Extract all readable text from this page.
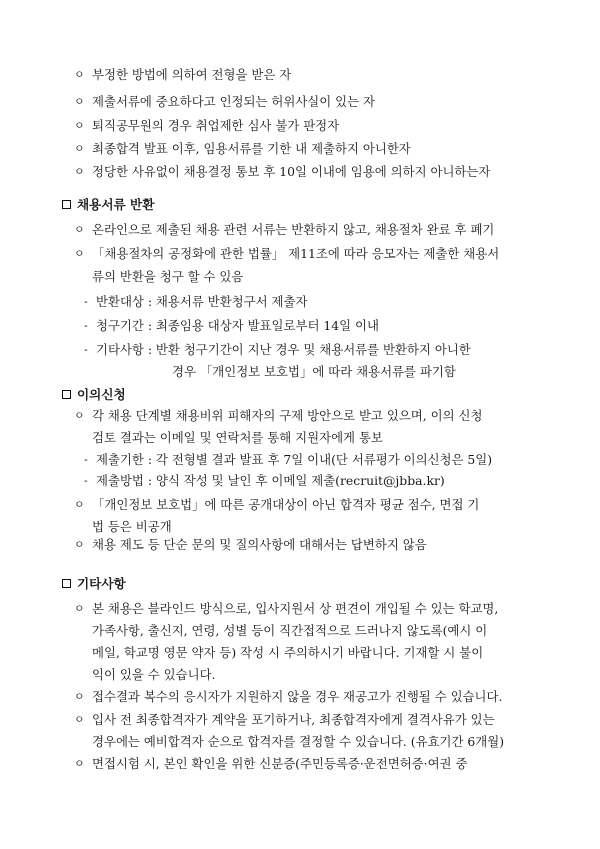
ㅇ 부정한 방법에 의하여 전형을 받은 자
ㅇ 제출서류에 중요하다고 인정되는 허위사실이 있는 자
ㅇ 퇴직공무원의 경우 취업제한 심사 불가 판정자
ㅇ 최종합격 발표 이후, 임용서류를 기한 내 제출하지 아니한자
ㅇ 정당한 사유없이 채용결정 통보 후 10일 이내에 임용에 의하지 아니하는자
채용서류 반환
ㅇ 온라인으로 제출된 채용 관련 서류는 반환하지 않고, 채용절차 완료 후 폐기
ㅇ 「채용절차의 공정화에 관한 법률」 제11조에 따라 응모자는 제출한 채용서
류의 반환을 청구 할 수 있음
- 반환대상 : 채용서류 반환청구서 제출자
- 청구기간 : 최종임용 대상자 발표일로부터 14일 이내
- 기타사항 : 반환 청구기간이 지난 경우 및 채용서류를 반환하지 아니한
경우 「개인정보 보호법」에 따라 채용서류를 파기함
이의신청
ㅇ 각 채용 단계별 채용비위 피해자의 구제 방안으로 받고 있으며, 이의 신청
검토 결과는 이메일 및 연락처를 통해 지원자에게 통보
- 제출기한 : 각 전형별 결과 발표 후 7일 이내(단 서류평가 이의신청은 5일)
- 제출방법 : 양식 작성 및 날인 후 이메일 제출(recruit@jbba.kr)
ㅇ 「개인정보 보호법」에 따른 공개대상이 아닌 합격자 평균 점수, 면접 기
법 등은 비공개
ㅇ 채용 제도 등 단순 문의 및 질의사항에 대해서는 답변하지 않음
기타사항
ㅇ 본 채용은 블라인드 방식으로, 입사지원서 상 편견이 개입될 수 있는 학교명,
가족사항, 출신지, 연령, 성별 등이 직간접적으로 드러나지 않도록(예시 이
메일, 학교명 영문 약자 등) 작성 시 주의하시기 바랍니다. 기재할 시 불이
익이 있을 수 있습니다.
ㅇ 접수결과 복수의 응시자가 지원하지 않을 경우 재공고가 진행될 수 있습니다.
ㅇ 입사 전 최종합격자가 계약을 포기하거나, 최종합격자에게 결격사유가 있는
경우에는 예비합격자 순으로 합격자를 결정할 수 있습니다. (유효기간 6개월)
ㅇ 면접시험 시, 본인 확인을 위한 신분증(주민등록증·운전면허증·여권 중
